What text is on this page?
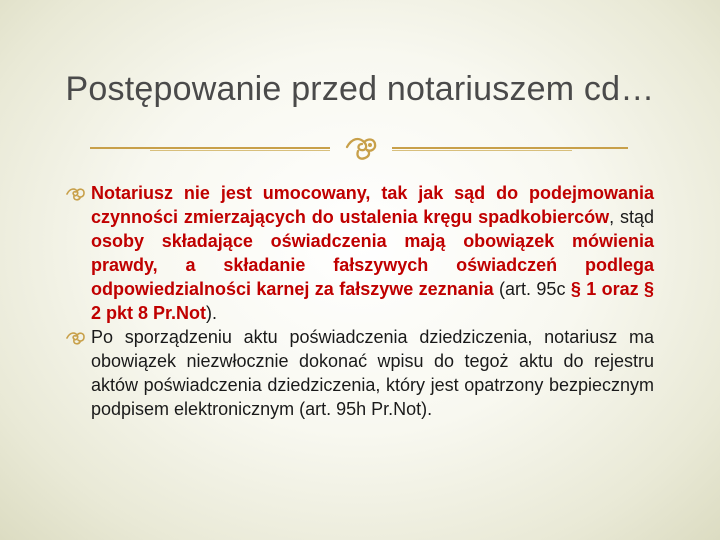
Postępowanie przed notariuszem cd…
Notariusz nie jest umocowany, tak jak sąd do podejmowania czynności zmierzających do ustalenia kręgu spadkobierców, stąd osoby składające oświadczenia mają obowiązek mówienia prawdy, a składanie fałszywych oświadczeń podlega odpowiedzialności karnej za fałszywe zeznania (art. 95c § 1 oraz § 2 pkt 8 Pr.Not).
Po sporządzeniu aktu poświadczenia dziedziczenia, notariusz ma obowiązek niezwłocznie dokonać wpisu do tegoż aktu do rejestru aktów poświadczenia dziedziczenia, który jest opatrzony bezpiecznym podpisem elektronicznym (art. 95h Pr.Not).
